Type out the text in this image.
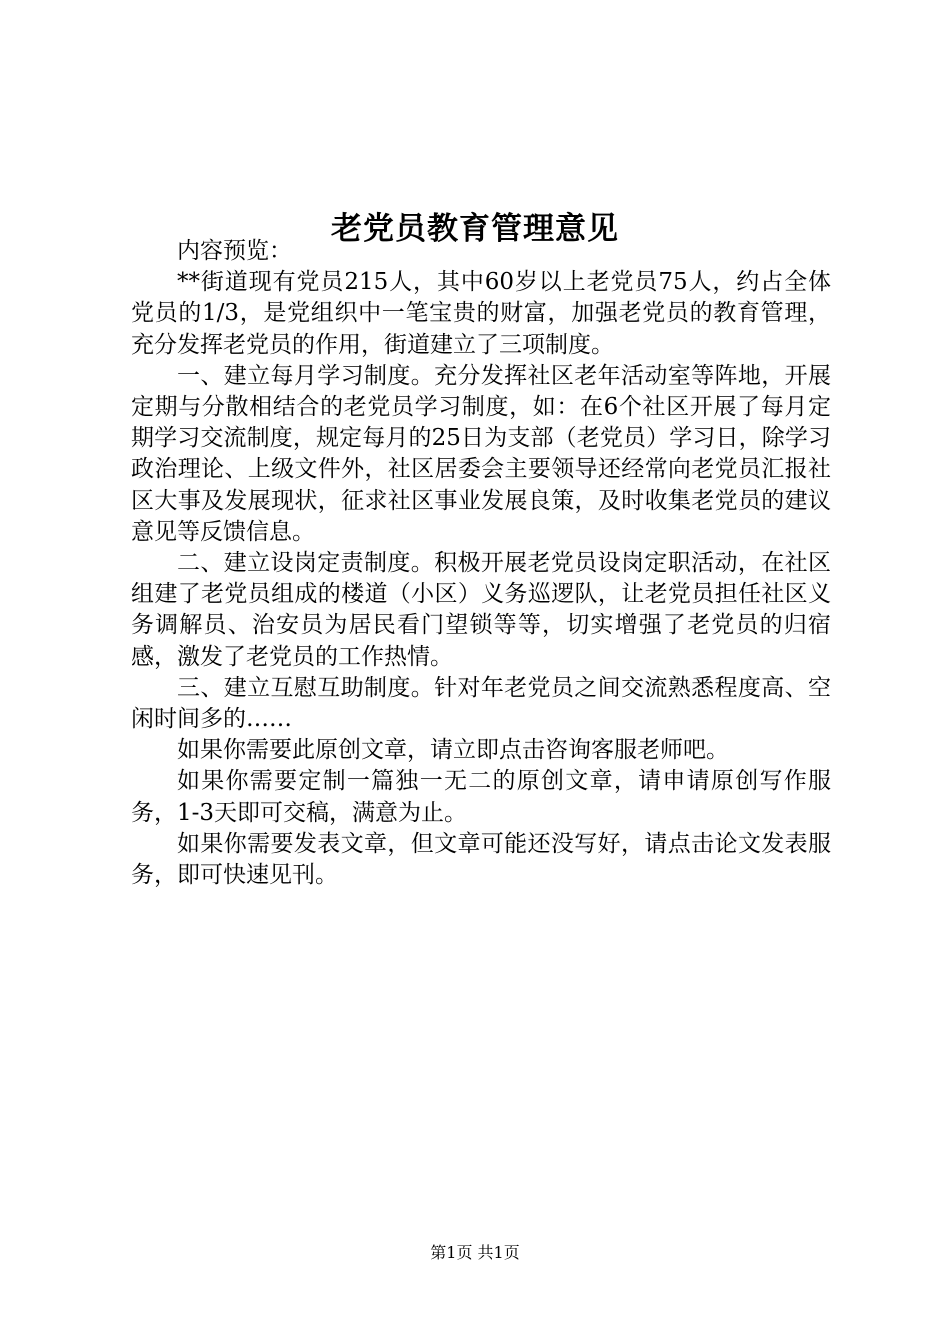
老党员教育管理意见

内容预览：

**街道现有党员215人，其中60岁以上老党员75人，约占全体党员的1/3，是党组织中一笔宝贵的财富，加强老党员的教育管理，充分发挥老党员的作用，街道建立了三项制度。

一、建立每月学习制度。充分发挥社区老年活动室等阵地，开展定期与分散相结合的老党员学习制度，如：在6个社区开展了每月定期学习交流制度，规定每月的25日为支部（老党员）学习日，除学习政治理论、上级文件外，社区居委会主要领导还经常向老党员汇报社区大事及发展现状，征求社区事业发展良策，及时收集老党员的建议意见等反馈信息。

二、建立设岗定责制度。积极开展老党员设岗定职活动，在社区组建了老党员组成的楼道（小区）义务巡逻队，让老党员担任社区义务调解员、治安员为居民看门望锁等等，切实增强了老党员的归宿感，激发了老党员的工作热情。

三、建立互慰互助制度。针对年老党员之间交流熟悉程度高、空闲时间多的……

如果你需要此原创文章，请立即点击咨询客服老师吧。

如果你需要定制一篇独一无二的原创文章，请申请原创写作服务，1-3天即可交稿，满意为止。

如果你需要发表文章，但文章可能还没写好，请点击论文发表服务，即可快速见刊。

第1页 共1页
